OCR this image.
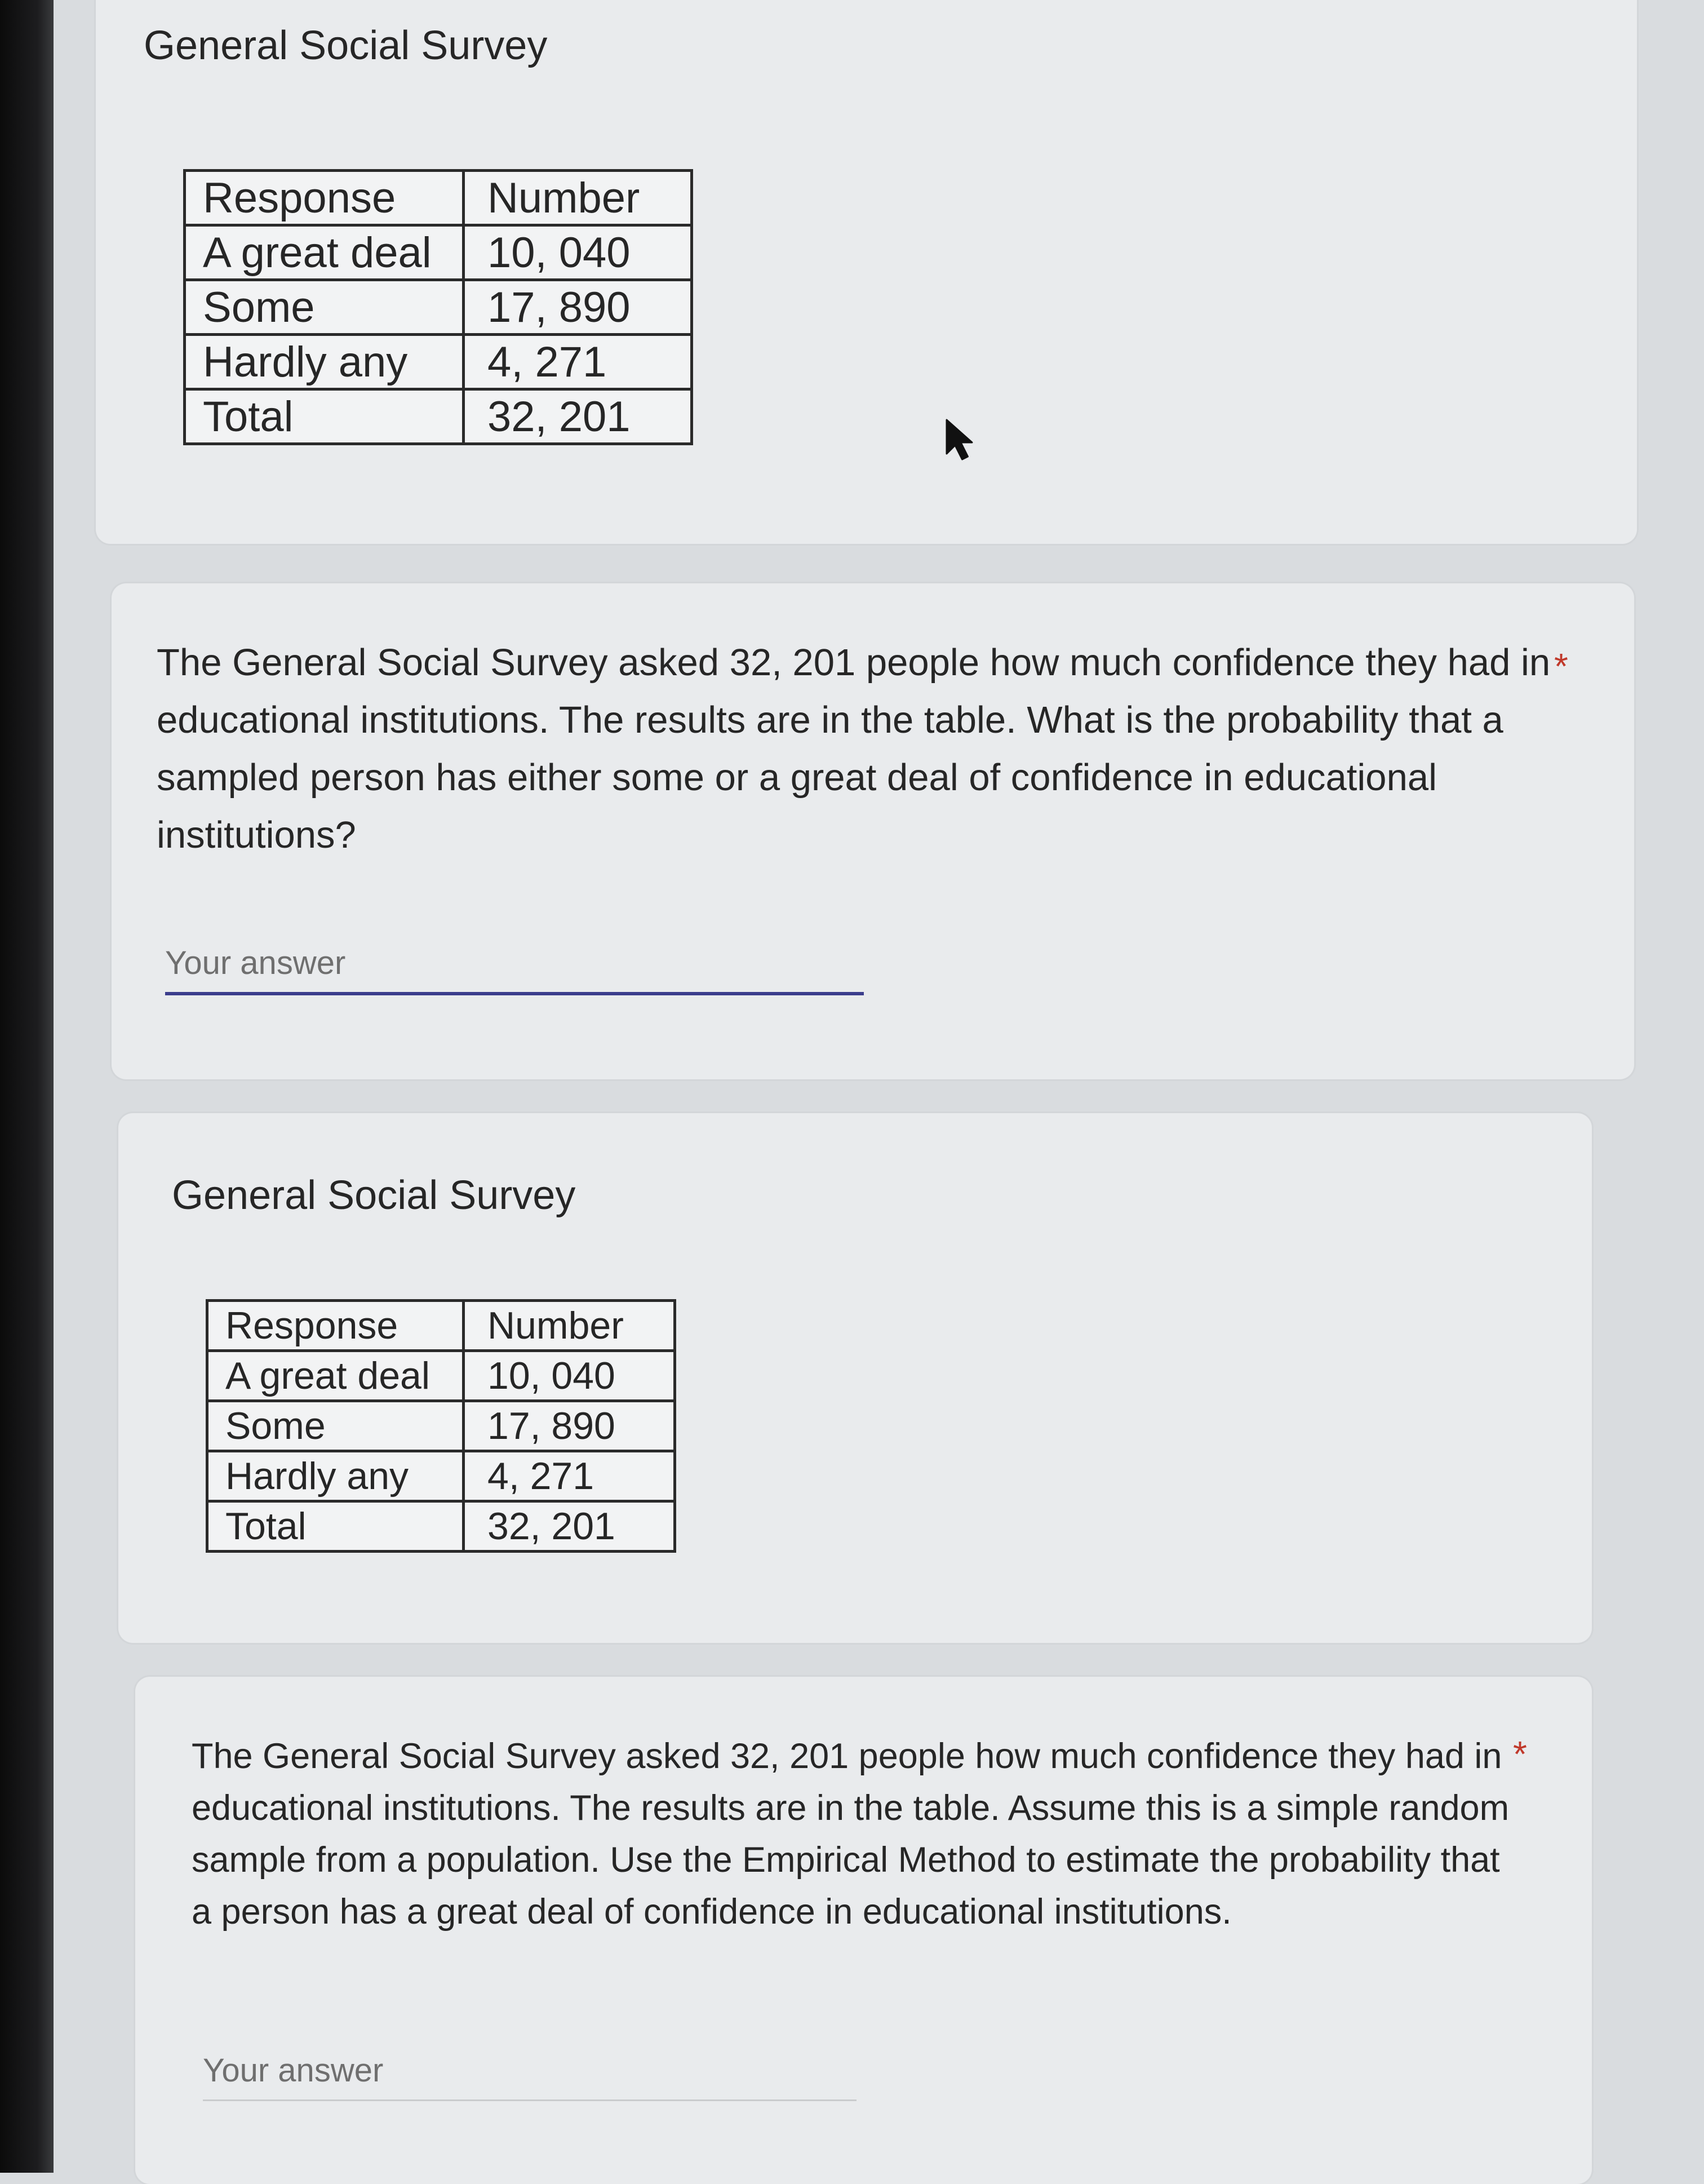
General Social Survey
Response	Number
A great deal	10, 040
Some	17, 890
Hardly any	4, 271
Total	32, 201
The General Social Survey asked 32, 201 people how much confidence they had in educational institutions. The results are in the table. What is the probability that a sampled person has either some or a great deal of confidence in educational institutions?
*
Your answer
General Social Survey
Response	Number
A great deal	10, 040
Some	17, 890
Hardly any	4, 271
Total	32, 201
The General Social Survey asked 32, 201 people how much confidence they had in educational institutions. The results are in the table. Assume this is a simple random sample from a population. Use the Empirical Method to estimate the probability that a person has a great deal of confidence in educational institutions.
*
Your answer
